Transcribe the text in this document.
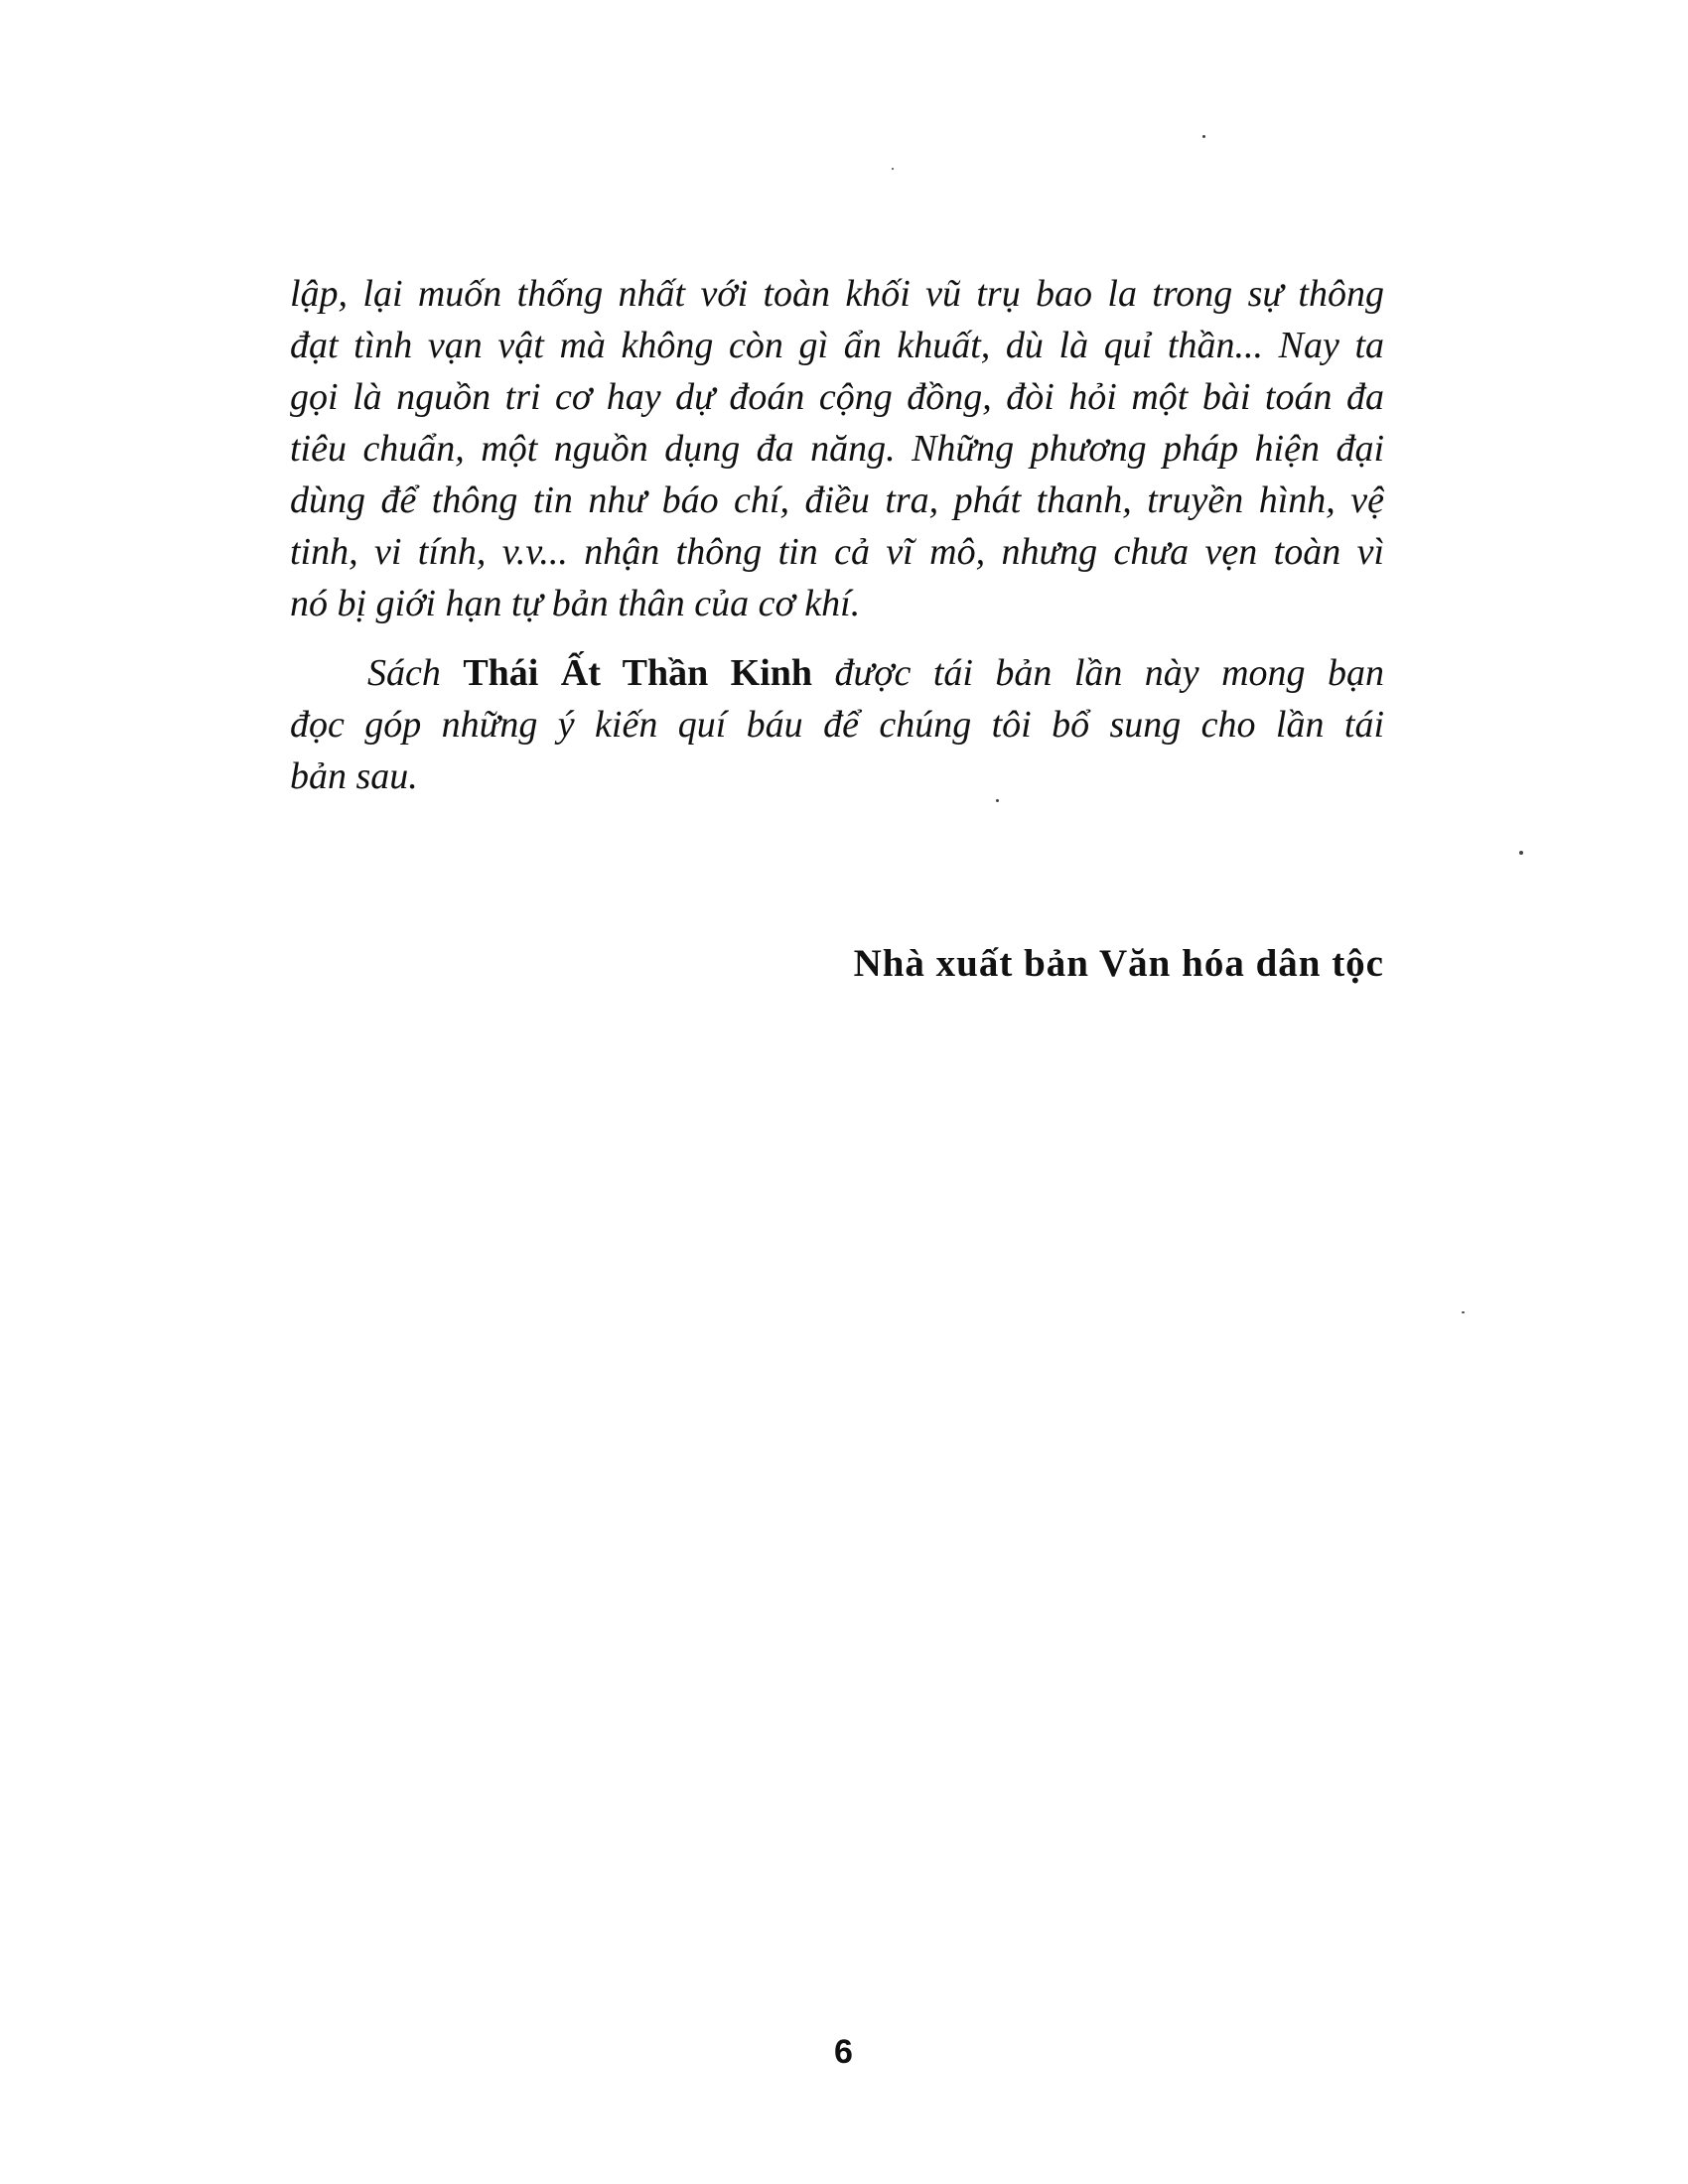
lập, lại muốn thống nhất với toàn khối vũ trụ bao la trong sự thông
đạt tình vạn vật mà không còn gì ẩn khuất, dù là quỉ thần... Nay ta
gọi là nguồn tri cơ hay dự đoán cộng đồng, đòi hỏi một bài toán đa
tiêu chuẩn, một nguồn dụng đa năng. Những phương pháp hiện đại
dùng để thông tin như báo chí, điều tra, phát thanh, truyền hình, vệ
tinh, vi tính, v.v... nhận thông tin cả vĩ mô, nhưng chưa vẹn toàn vì
nó bị giới hạn tự bản thân của cơ khí.
Sách Thái Ất Thần Kinh được tái bản lần này mong bạn
đọc góp những ý kiến quí báu để chúng tôi bổ sung cho lần tái
bản sau.
Nhà xuất bản Văn hóa dân tộc
6
